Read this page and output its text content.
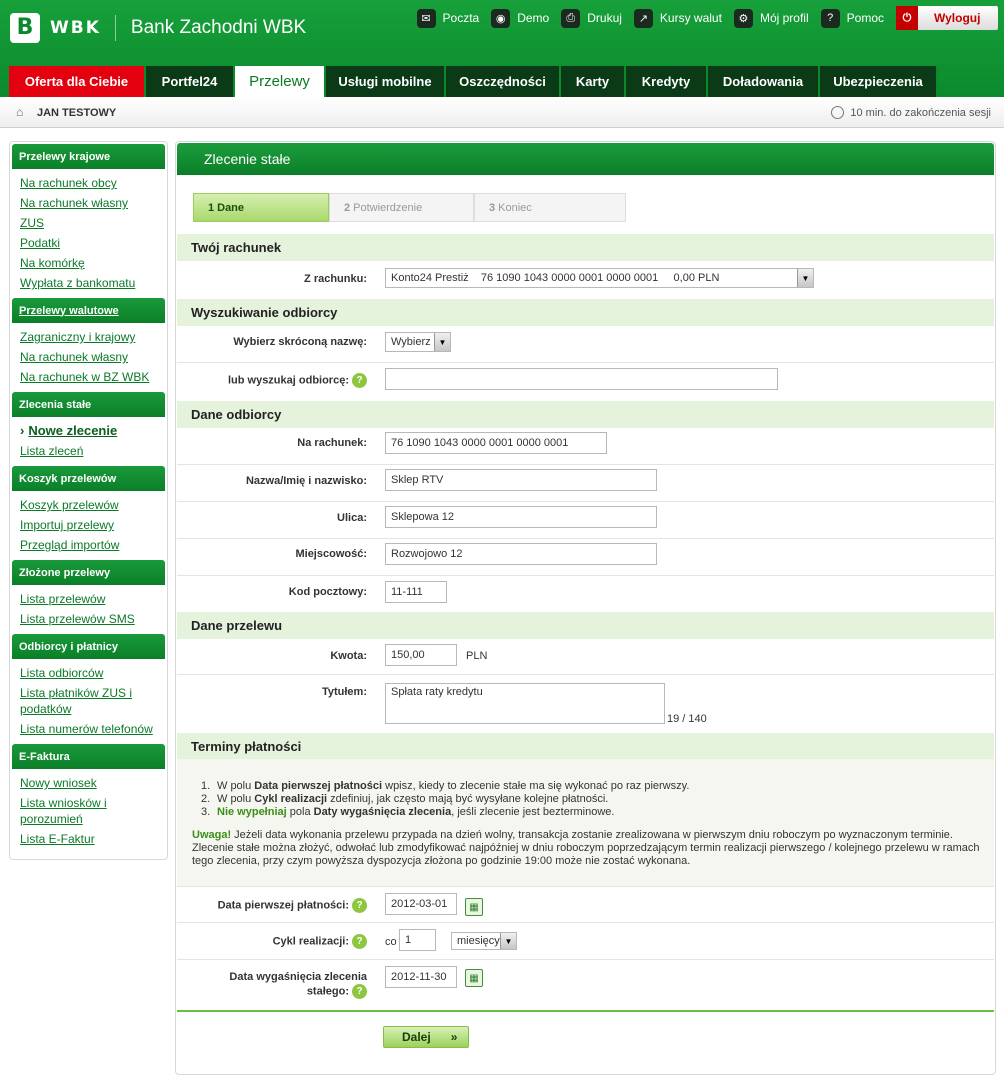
B WBK Bank Zachodni WBK	✉ Poczta	◉ Demo	⎙	Drukuj	↗ Kursy walut	⚙ Mój profil	?	Pomoc	⏻	Wyloguj
Oferta dla Ciebie	Portfel24	Przelewy	Usługi mobilne	Oszczędności	Karty	Kredyty	Doładowania	Ubezpieczenia
⌂	JAN TESTOWY	10 min. do zakończenia sesji
Przelewy krajowe
Na rachunek obcy
Na rachunek własny
ZUS
Podatki
Na komórkę
Wypłata z bankomatu
Przelewy walutowe
Zagraniczny i krajowy
Na rachunek własny
Na rachunek w BZ WBK
Zlecenia stałe
› Nowe zlecenie
Lista zleceń
Koszyk przelewów
Koszyk przelewów
Importuj przelewy
Przegląd importów
Złożone przelewy
Lista przelewów
Lista przelewów SMS
Odbiorcy i płatnicy
Lista odbiorców
Lista płatników ZUS i podatków
Lista numerów telefonów
E-Faktura
Nowy wniosek
Lista wniosków i porozumień
Lista E-Faktur
Zlecenie stałe
1 Dane	2 Potwierdzenie	3 Koniec
Twój rachunek
Z rachunku: Konto24 Prestiż    76 1090 1043 0000 0001 0000 0001     0,00 PLN	▼
Wyszukiwanie odbiorcy
Wybierz skróconą nazwę: Wybierz ▼
lub wyszukaj odbiorcę: ?
Dane odbiorcy
Na rachunek:	76 1090 1043 0000 0001 0000 0001
Nazwa/Imię i nazwisko:	Sklep RTV
Ulica:	Sklepowa 12
Miejscowość:	Rozwojowo 12
Kod pocztowy:	11-111
Dane przelewu
Kwota:	150,00	PLN
Tytułem: Spłata raty kredytu
19 / 140
Terminy płatności
1. W polu Data pierwszej płatności wpisz, kiedy to zlecenie stałe ma się wykonać po raz pierwszy.
2. W polu Cykl realizacji zdefiniuj, jak często mają być wysyłane kolejne płatności.
3. Nie wypełniaj pola Daty wygaśnięcia zlecenia, jeśli zlecenie jest bezterminowe.
Uwaga! Jeżeli data wykonania przelewu przypada na dzień wolny, transakcja zostanie zrealizowana w pierwszym dniu roboczym po wyznaczonym terminie.
Zlecenie stałe można złożyć, odwołać lub zmodyfikować najpóźniej w dniu roboczym poprzedzającym termin realizacji pierwszego / kolejnego przelewu w ramach tego zlecenia, przy czym powyższa dyspozycja złożona po godzinie 19:00 może nie zostać wykonana.
Data pierwszej płatności: ?	2012-03-01	▦
Cykl realizacji: ?	co 1	miesięcy ▼
Data wygaśnięcia zlecenia
stałego: ?
2012-11-30	▦
Dalej »
